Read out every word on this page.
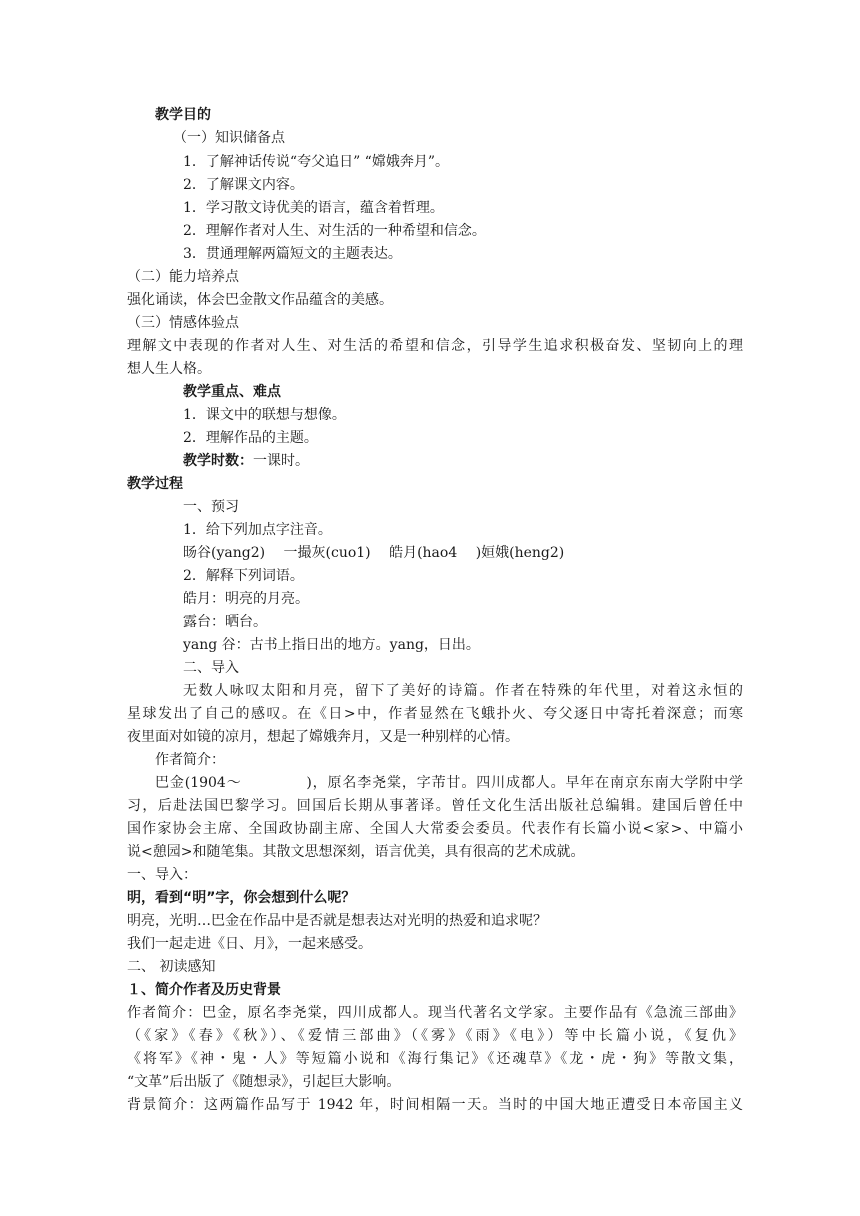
教学目的
（一）知识储备点
1．了解神话传说“夸父追日” “嫦娥奔月”。
2．了解课文内容。
1．学习散文诗优美的语言，蕴含着哲理。
2．理解作者对人生、对生活的一种希望和信念。
3．贯通理解两篇短文的主题表达。
（二）能力培养点
强化诵读，体会巴金散文作品蕴含的美感。
（三）情感体验点
理解文中表现的作者对人生、对生活的希望和信念，引导学生追求积极奋发、坚韧向上的理
想人生人格。
教学重点、难点
1．课文中的联想与想像。
2．理解作品的主题。
教学时数：一课时。
教学过程
一、预习
1．给下列加点字注音。
旸谷(yang2)　 一撮灰(cuo1)　 皓月(hao4　 )姮娥(heng2)
2．解释下列词语。
皓月：明亮的月亮。
露台：晒台。
yang 谷：古书上指日出的地方。yang，日出。
二、导入
无数人咏叹太阳和月亮，留下了美好的诗篇。作者在特殊的年代里，对着这永恒的
星球发出了自己的感叹。在《日>中，作者显然在飞蛾扑火、夸父逐日中寄托着深意；而寒
夜里面对如镜的凉月，想起了嫦娥奔月，又是一种别样的心情。
作者简介：
巴金(1904～　　　　 )，原名李尧棠，字芾甘。四川成都人。早年在南京东南大学附中学
习，后赴法国巴黎学习。回国后长期从事著译。曾任文化生活出版社总编辑。建国后曾任中
国作家协会主席、全国政协副主席、全国人大常委会委员。代表作有长篇小说<家>、中篇小
说<憩园>和随笔集。其散文思想深刻，语言优美，具有很高的艺术成就。
一、导入：
明，看到“明”字，你会想到什么呢？
明亮，光明…巴金在作品中是否就是想表达对光明的热爱和追求呢？
我们一起走进《日、月》，一起来感受。
二、 初读感知
１、简介作者及历史背景
作者简介：巴金，原名李尧棠，四川成都人。现当代著名文学家。主要作品有《急流三部曲》
（《家》《春》《秋》）、《爱情三部曲》（《雾》《雨》《电》）等中长篇小说，《复仇》
《将军》《神・鬼・人》等短篇小说和《海行集记》《还魂草》《龙・虎・狗》等散文集，
“文革”后出版了《随想录》，引起巨大影响。
背景简介：这两篇作品写于 1942 年，时间相隔一天。当时的中国大地正遭受日本帝国主义
